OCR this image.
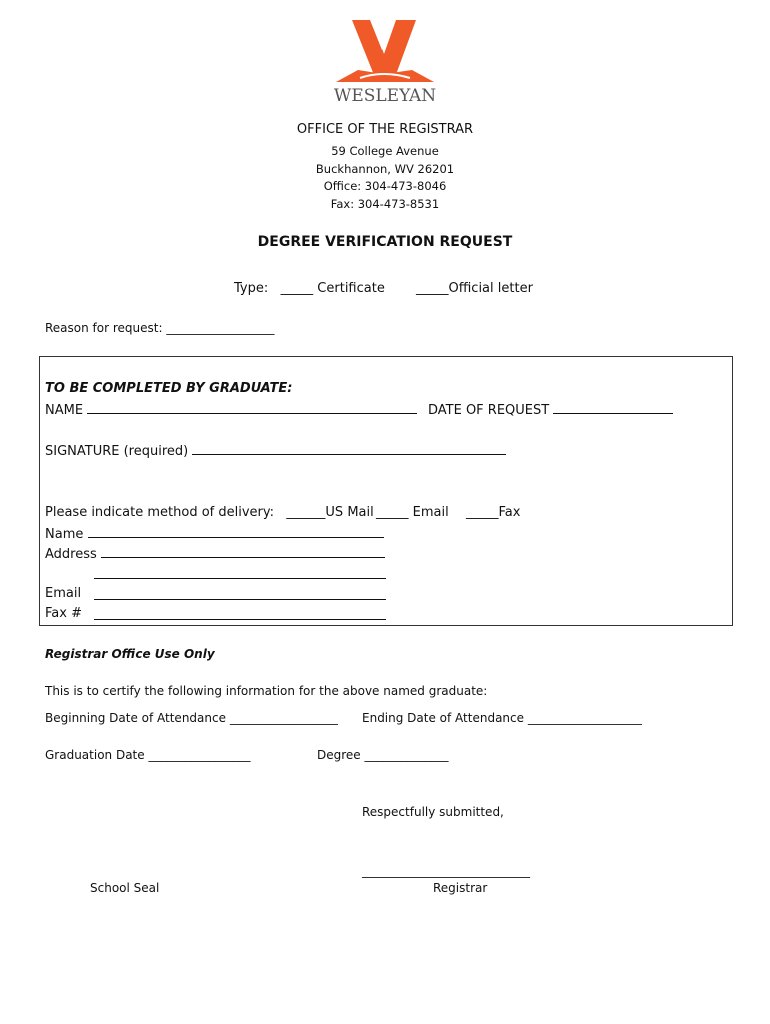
WESLEYAN
OFFICE OF THE REGISTRAR
59 College Avenue
Buckhannon, WV 26201
Office: 304-473-8046
Fax: 304-473-8531
DEGREE VERIFICATION REQUEST
Type: _____ Certificate _____Official letter
Reason for request: __________________
TO BE COMPLETED BY GRADUATE:
NAME	DATE OF REQUEST
SIGNATURE (required)
Please indicate method of delivery: ______US Mail _____ Email _____Fax
Name
Address
Email
Fax #
Registrar Office Use Only
This is to certify the following information for the above named graduate:
Beginning Date of Attendance __________________ Ending Date of Attendance ___________________
Graduation Date _________________	Degree ______________
Respectfully submitted,
____________________________
School Seal	Registrar
